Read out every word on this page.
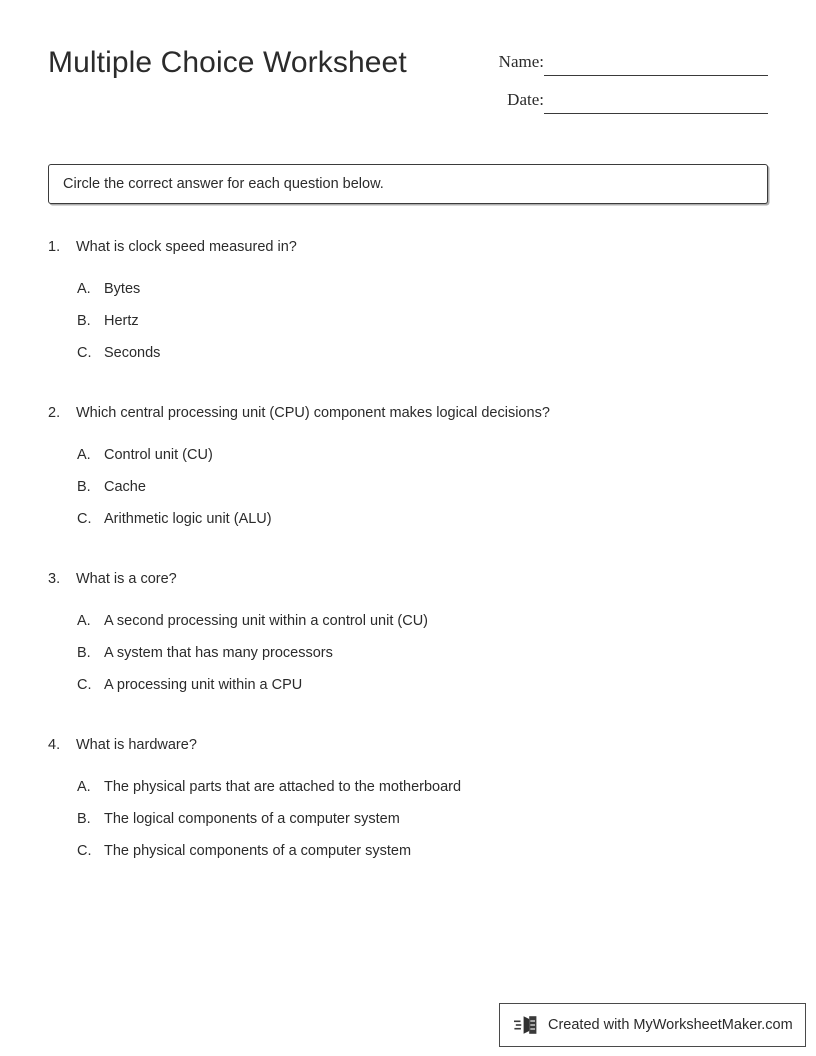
Multiple Choice Worksheet	Name:
Date:
Circle the correct answer for each question below.
1. What is clock speed measured in?
A. Bytes
B. Hertz
C. Seconds
2. Which central processing unit (CPU) component makes logical decisions?
A. Control unit (CU)
B. Cache
C. Arithmetic logic unit (ALU)
3. What is a core?
A. A second processing unit within a control unit (CU)
B. A system that has many processors
C. A processing unit within a CPU
4. What is hardware?
A. The physical parts that are attached to the motherboard
B. The logical components of a computer system
C. The physical components of a computer system
Created with MyWorksheetMaker.com
